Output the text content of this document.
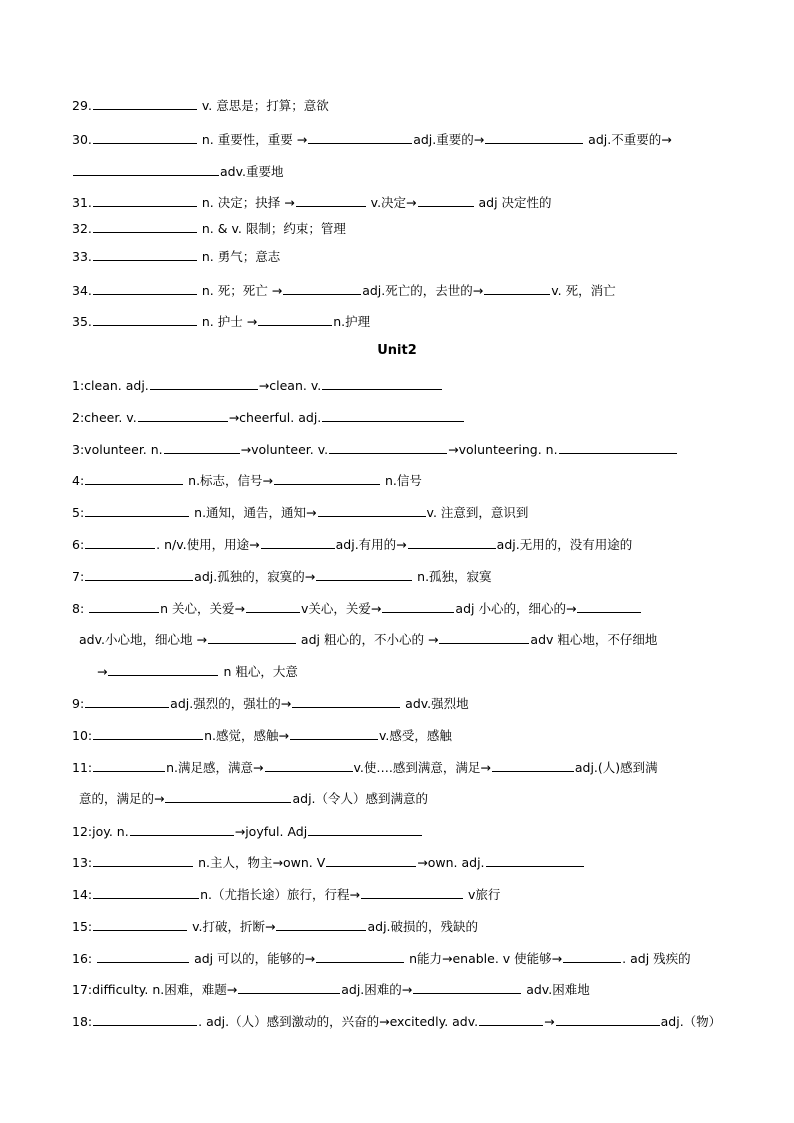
29.	v. 意思是；打算；意欲
30.	n. 重要性，重要 →	adj.重要的→	adj.不重要的→
adv.重要地
31.	n. 决定；抉择 →	v.决定→	adj 决定性的
32.	n. & v. 限制；约束；管理
33.	n. 勇气；意志
34.	n. 死；死亡 →	adj.死亡的，去世的→	v. 死，消亡
35.	n. 护士 →	n.护理
Unit2
1:clean. adj.	→clean. v.
2:cheer. v.	→cheerful. adj.
3:volunteer. n.	→volunteer. v.	→volunteering. n.
4:	n.标志，信号→	n.信号
5:	n.通知，通告，通知→	v. 注意到，意识到
6:	. n/v.使用，用途→	adj.有用的→	adj.无用的，没有用途的
7:	adj.孤独的，寂寞的→	n.孤独，寂寞
8:	n 关心，关爱→	v关心，关爱→	adj 小心的，细心的→
adv.小心地，细心地 →	adj 粗心的，不小心的 →	adv 粗心地，不仔细地
→	n 粗心，大意
9:	adj.强烈的，强壮的→	adv.强烈地
10:	n.感觉，感触→	v.感受，感触
11:	n.满足感，满意→	v.使….感到满意，满足→	adj.(人)感到满
意的，满足的→	adj.（令人）感到满意的
12:joy. n.	→joyful. Adj
13:	n.主人，物主→own. V	→own. adj.
14:	n.（尤指长途）旅行，行程→	v旅行
15:	v.打破，折断→	adj.破损的，残缺的
16:	adj 可以的，能够的→	n能力→enable. v 使能够→	. adj 残疾的
17:difficulty. n.困难，难题→	adj.困难的→	adv.困难地
18:	. adj.（人）感到激动的，兴奋的→excitedly. adv.	→	adj.（物）
